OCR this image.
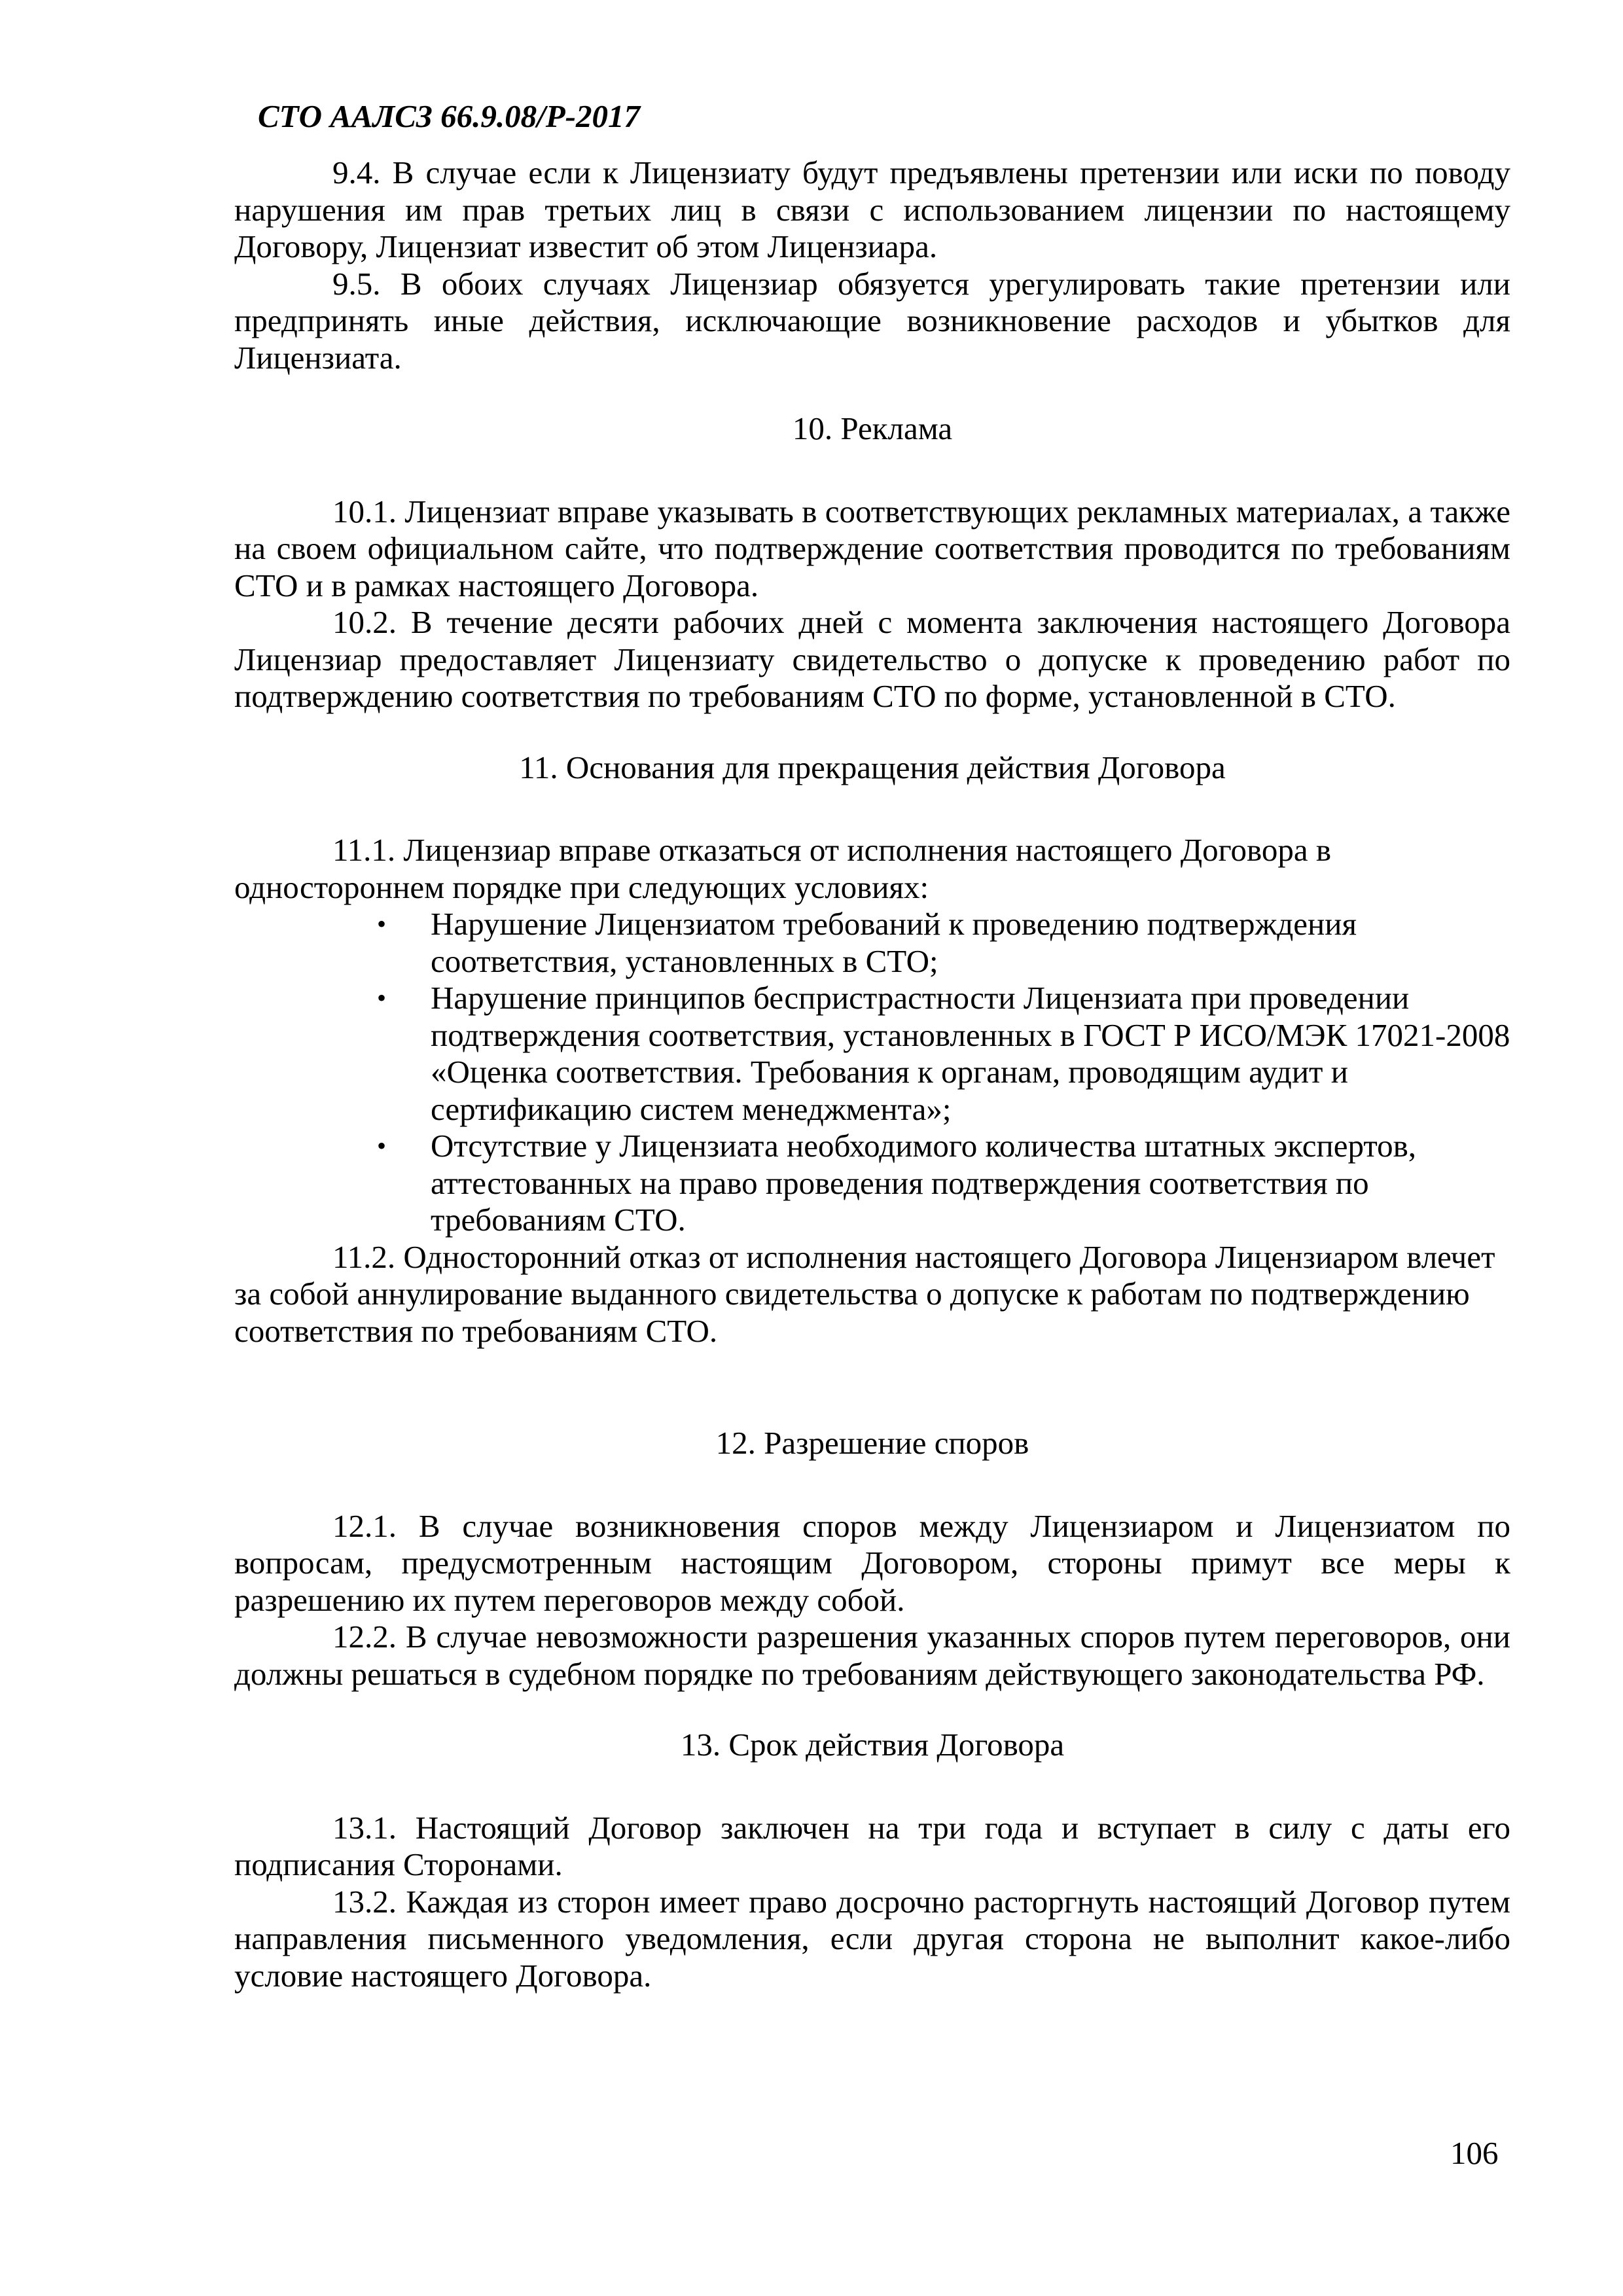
СТО ААЛСЗ 66.9.08/Р-2017

9.4. В случае если к Лицензиату будут предъявлены претензии или иски по поводу нарушения им прав третьих лиц в связи с использованием лицензии по настоящему Договору, Лицензиат известит об этом Лицензиара.

9.5. В обоих случаях Лицензиар обязуется урегулировать такие претензии или предпринять иные действия, исключающие возникновение расходов и убытков для Лицензиата.

10. Реклама

10.1. Лицензиат вправе указывать в соответствующих рекламных материалах, а также на своем официальном сайте, что подтверждение соответствия проводится по требованиям СТО и в рамках настоящего Договора.

10.2. В течение десяти рабочих дней с момента заключения настоящего Договора Лицензиар предоставляет Лицензиату свидетельство о допуске к проведению работ по подтверждению соответствия по требованиям СТО по форме, установленной в СТО.

11. Основания для прекращения действия Договора

11.1. Лицензиар вправе отказаться от исполнения настоящего Договора в одностороннем порядке при следующих условиях:

• Нарушение Лицензиатом требований к проведению подтверждения соответствия, установленных в СТО;
• Нарушение принципов беспристрастности Лицензиата при проведении подтверждения соответствия, установленных в ГОСТ Р ИСО/МЭК 17021-2008 «Оценка соответствия. Требования к органам, проводящим аудит и сертификацию систем менеджмента»;
• Отсутствие у Лицензиата необходимого количества штатных экспертов, аттестованных на право проведения подтверждения соответствия по требованиям СТО.

11.2. Односторонний отказ от исполнения настоящего Договора Лицензиаром влечет за собой аннулирование выданного свидетельства о допуске к работам по подтверждению соответствия по требованиям СТО.

12. Разрешение споров

12.1. В случае возникновения споров между Лицензиаром и Лицензиатом по вопросам, предусмотренным настоящим Договором, стороны примут все меры к разрешению их путем переговоров между собой.

12.2. В случае невозможности разрешения указанных споров путем переговоров, они должны решаться в судебном порядке по требованиям действующего законодательства РФ.

13. Срок действия Договора

13.1. Настоящий Договор заключен на три года и вступает в силу с даты его подписания Сторонами.

13.2. Каждая из сторон имеет право досрочно расторгнуть настоящий Договор путем направления письменного уведомления, если другая сторона не выполнит какое-либо условие настоящего Договора.

106
